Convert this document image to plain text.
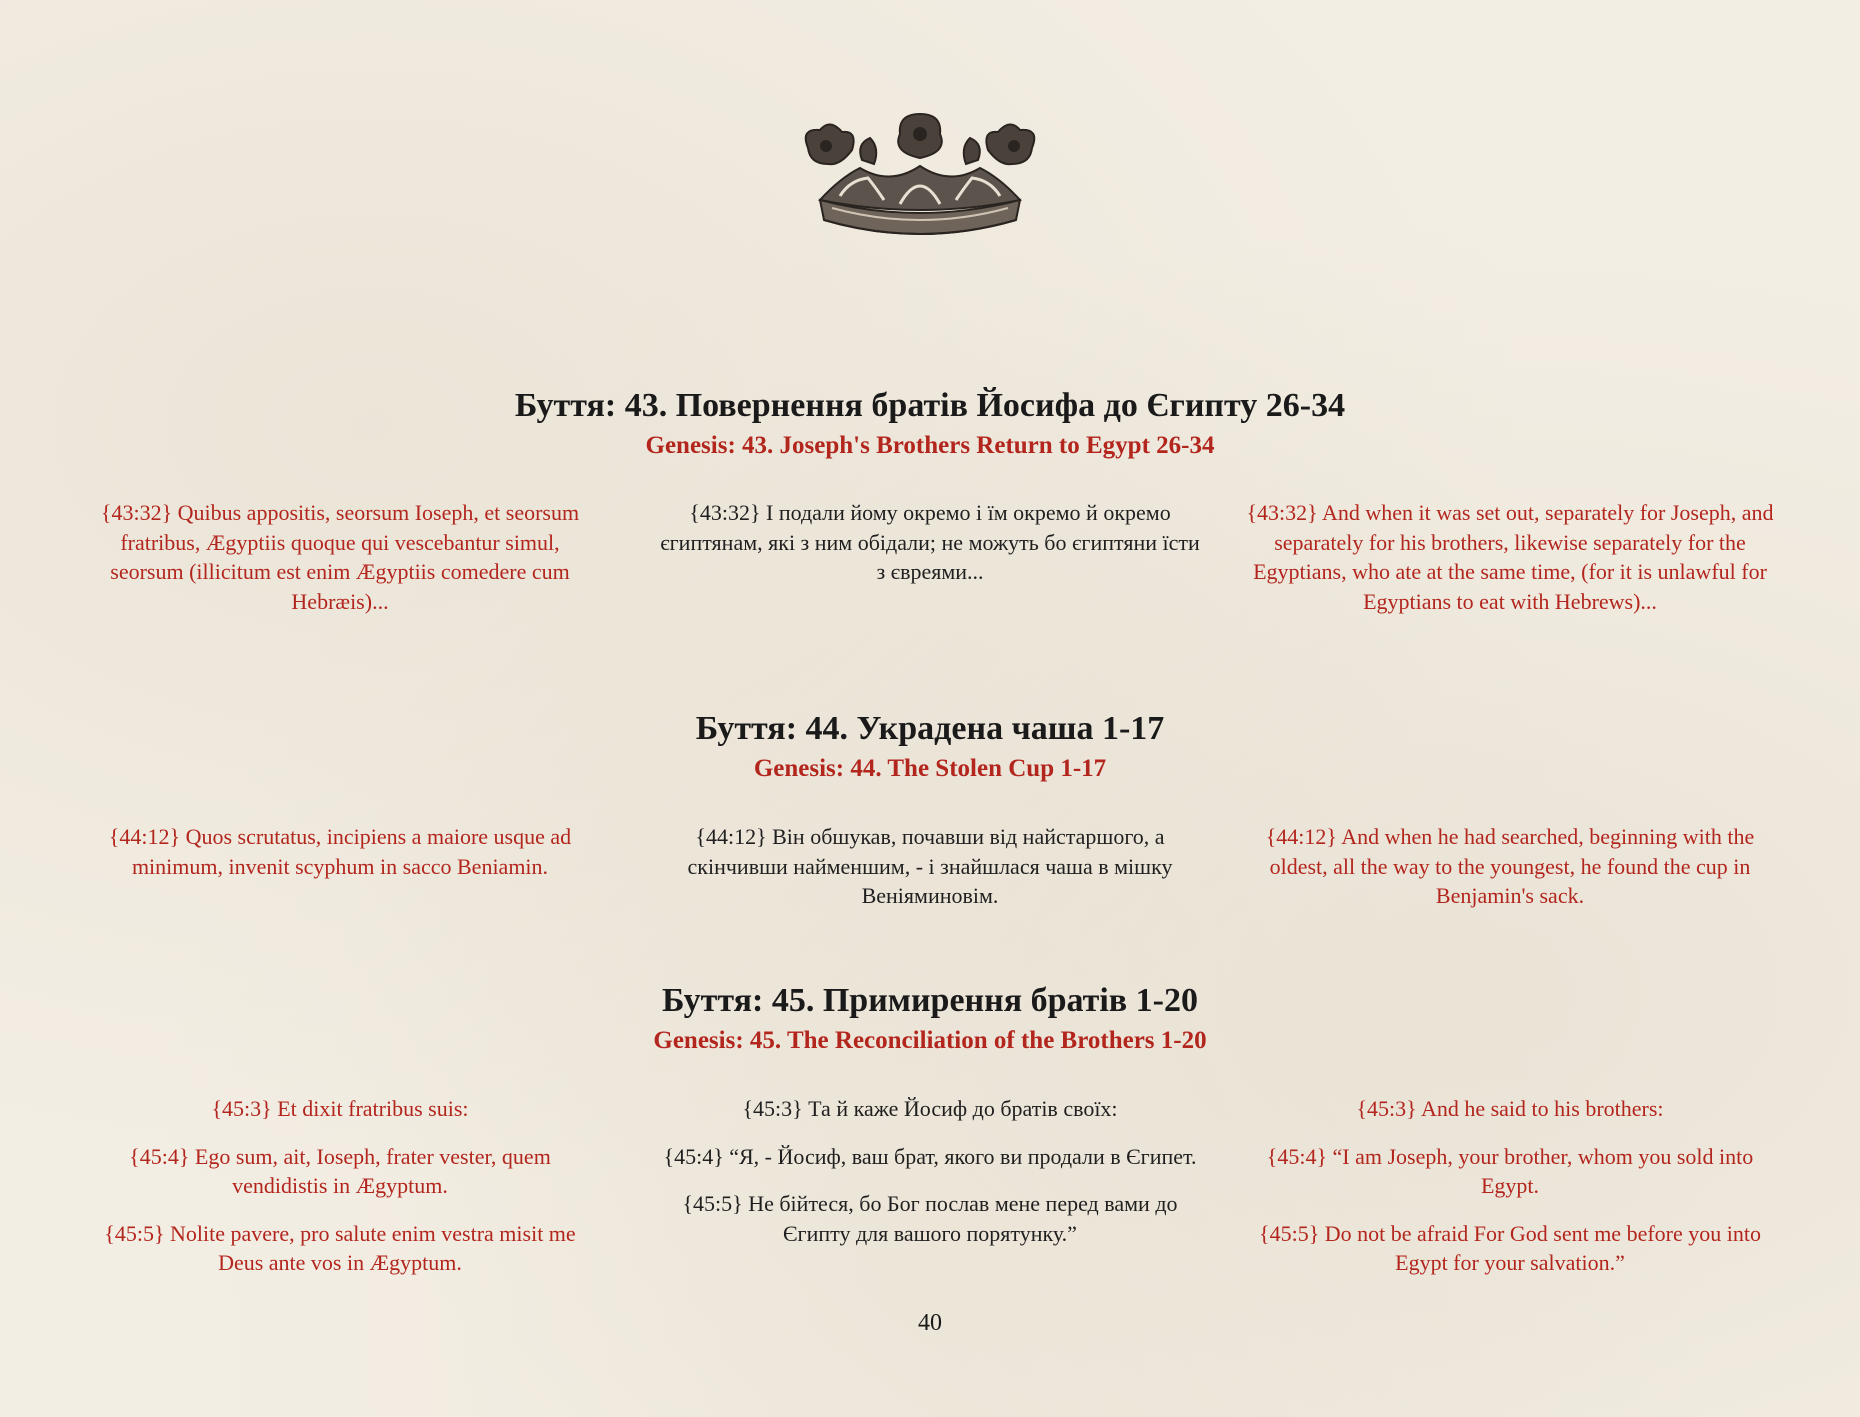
Буття: 43. Повернення братів Йосифа до Єгипту 26-34
Genesis: 43. Joseph's Brothers Return to Egypt 26-34

{43:32} Quibus appositis, seorsum Ioseph, et seorsum fratribus, Ægyptiis quoque qui vescebantur simul, seorsum (illicitum est enim Ægyptiis comedere cum Hebræis)...

{43:32} І подали йому окремо і їм окремо й окремо єгиптянам, які з ним обідали; не можуть бо єгиптяни їсти з євреями...

{43:32} And when it was set out, separately for Joseph, and separately for his brothers, likewise separately for the Egyptians, who ate at the same time, (for it is unlawful for Egyptians to eat with Hebrews)...

Буття: 44. Украдена чаша 1-17
Genesis: 44. The Stolen Cup 1-17

{44:12} Quos scrutatus, incipiens a maiore usque ad minimum, invenit scyphum in sacco Beniamin.

{44:12} Він обшукав, почавши від найстаршого, а скінчивши найменшим, - і знайшлася чаша в мішку Веніяминовім.

{44:12} And when he had searched, beginning with the oldest, all the way to the youngest, he found the cup in Benjamin's sack.

Буття: 45. Примирення братів 1-20
Genesis: 45. The Reconciliation of the Brothers 1-20

{45:3} Et dixit fratribus suis:

{45:4} Ego sum, ait, Ioseph, frater vester, quem vendidistis in Ægyptum.

{45:5} Nolite pavere, pro salute enim vestra misit me Deus ante vos in Ægyptum.

{45:3} Та й каже Йосиф до братів своїх:

{45:4} “Я, - Йосиф, ваш брат, якого ви продали в Єгипет.

{45:5} Не бійтеся, бо Бог послав мене перед вами до Єгипту для вашого порятунку.”

{45:3} And he said to his brothers:

{45:4} “I am Joseph, your brother, whom you sold into Egypt.

{45:5} Do not be afraid For God sent me before you into Egypt for your salvation.”

40
